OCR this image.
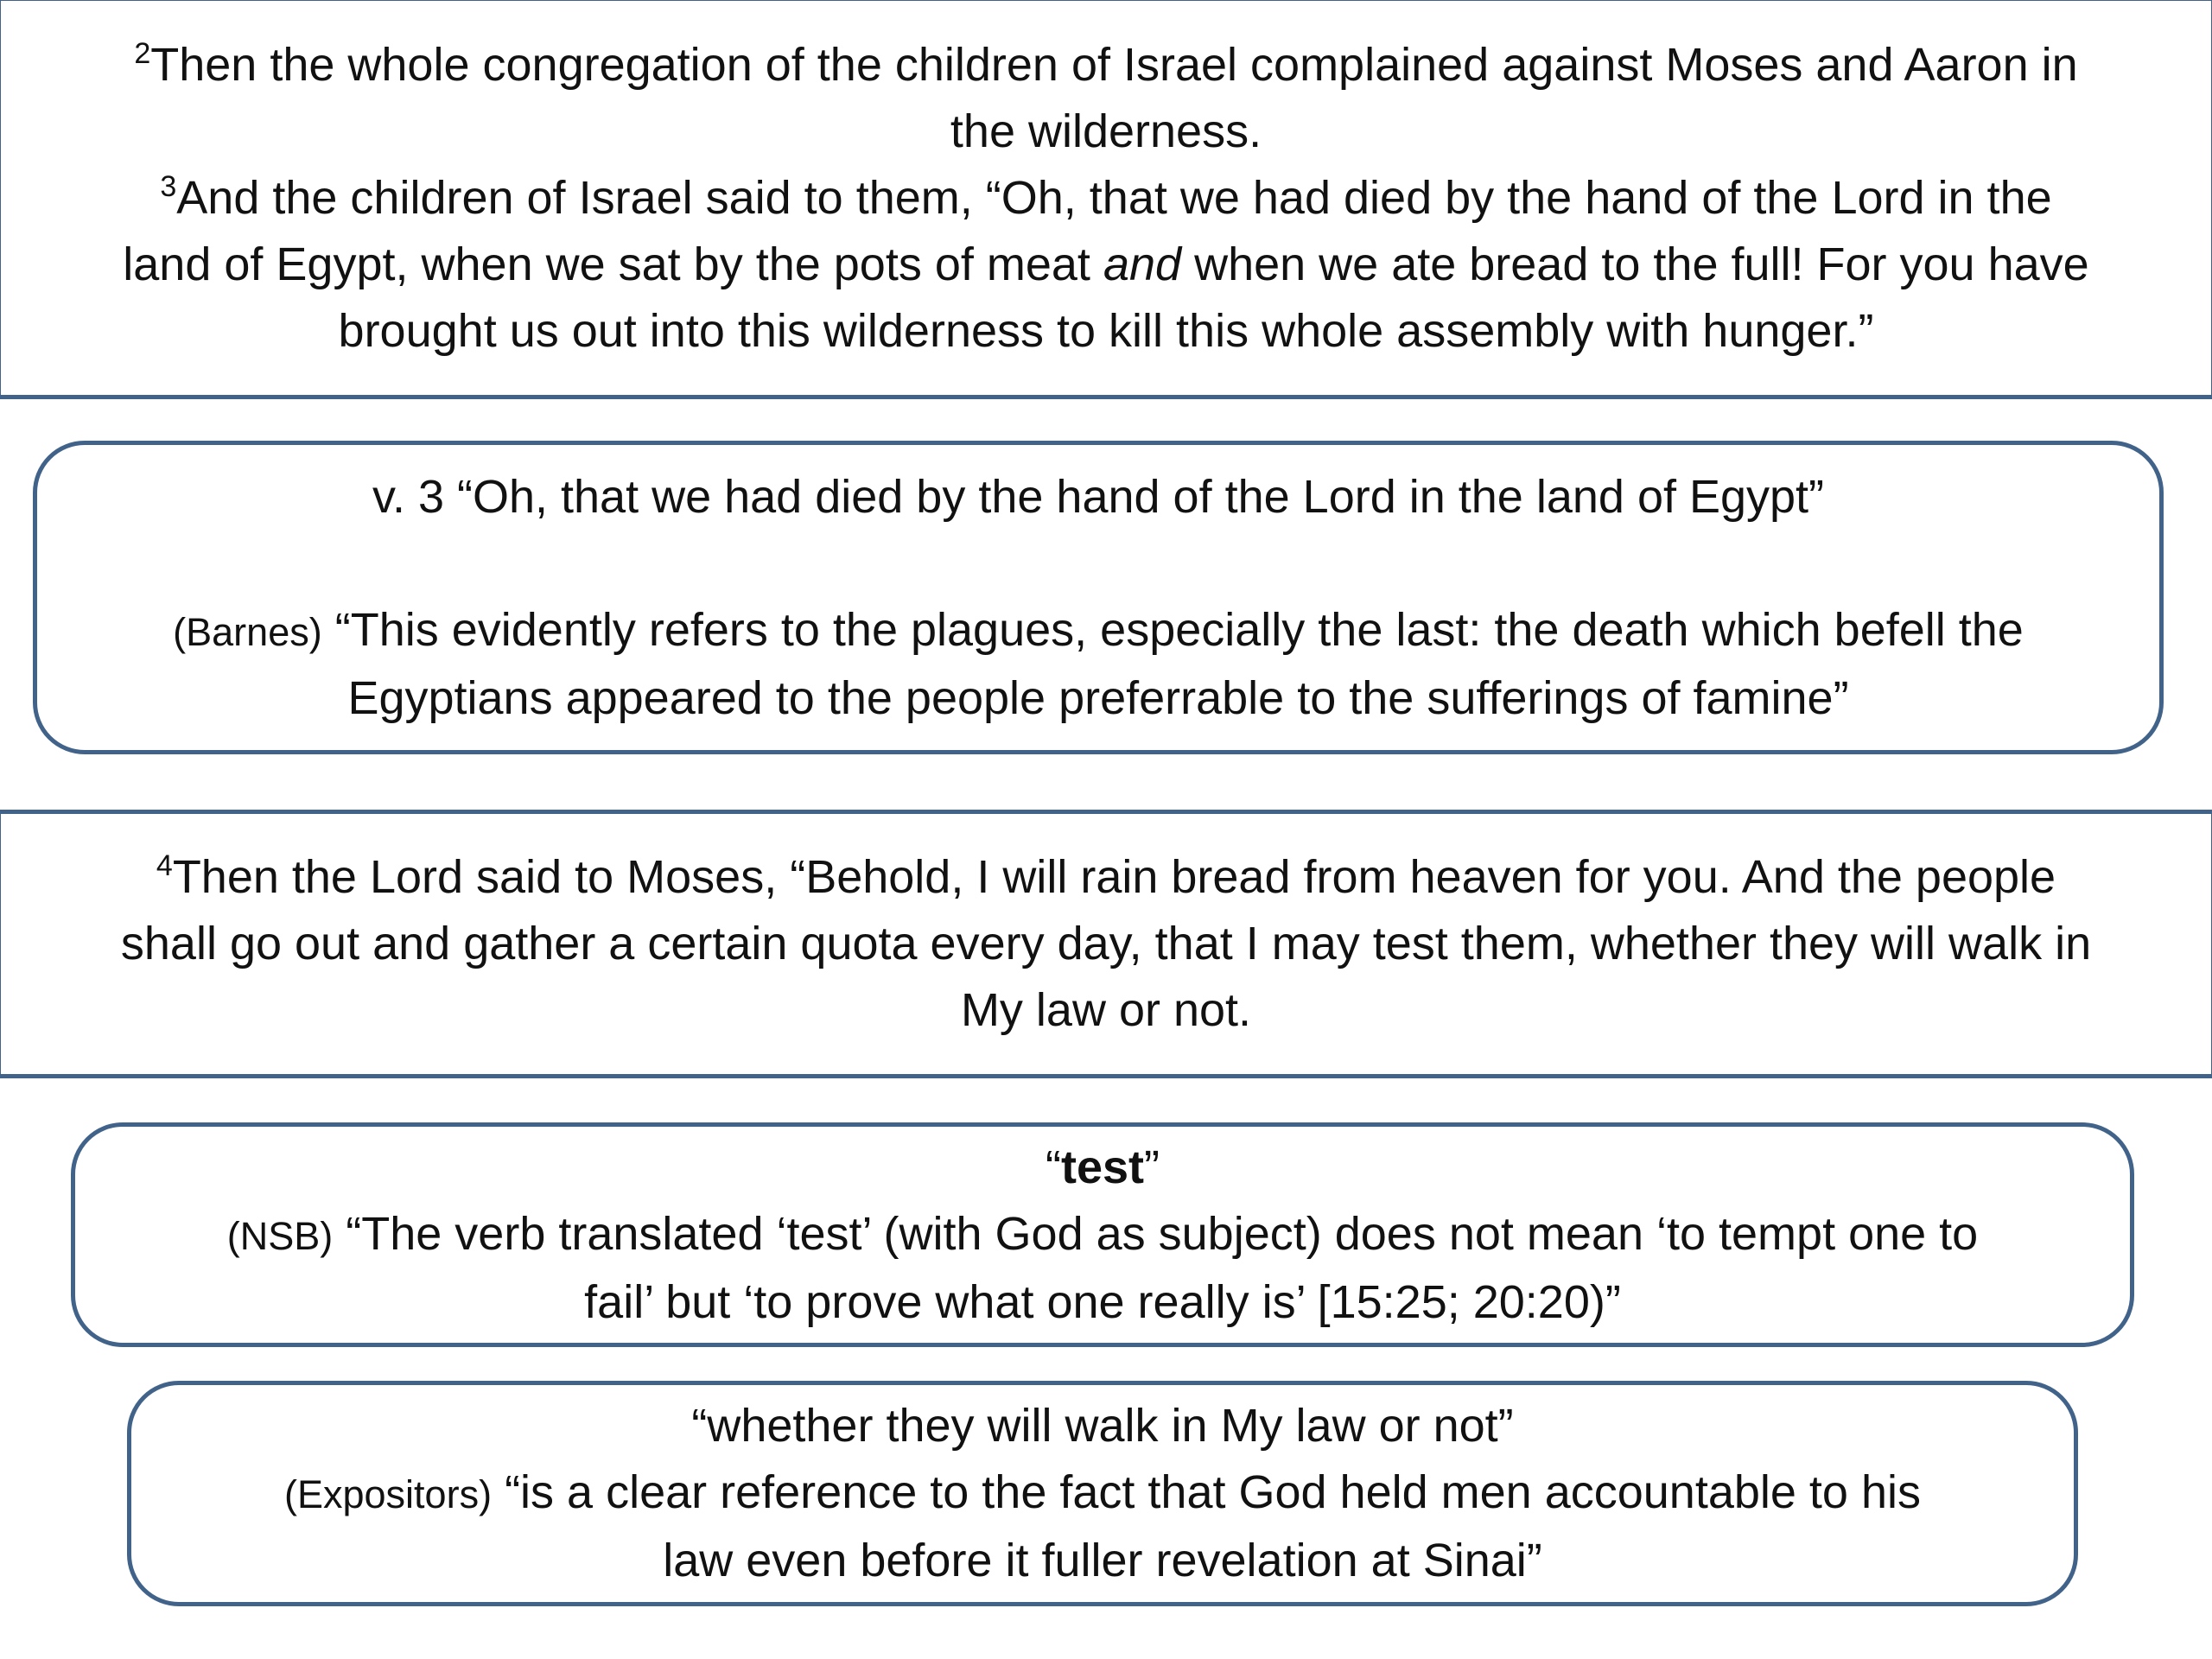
$^2$Then the whole congregation of the children of Israel complained against Moses and Aaron in
the wilderness.
$^3$And the children of Israel said to them, “Oh, that we had died by the hand of the Lord in the
land of Egypt, when we sat by the pots of meat and when we ate bread to the full! For you have
brought us out into this wilderness to kill this whole assembly with hunger.”
v. 3 “Oh, that we had died by the hand of the Lord in the land of Egypt”
(Barnes) “This evidently refers to the plagues, especially the last: the death which befell the
Egyptians appeared to the people preferrable to the sufferings of famine”
$^4$Then the Lord said to Moses, “Behold, I will rain bread from heaven for you. And the people
shall go out and gather a certain quota every day, that I may test them, whether they will walk in
My law or not.
“test”
(NSB) “The verb translated ‘test’ (with God as subject) does not mean ‘to tempt one to
fail’ but ‘to prove what one really is’ [15:25; 20:20)”
“whether they will walk in My law or not”
(Expositors) “is a clear reference to the fact that God held men accountable to his
law even before it fuller revelation at Sinai”
